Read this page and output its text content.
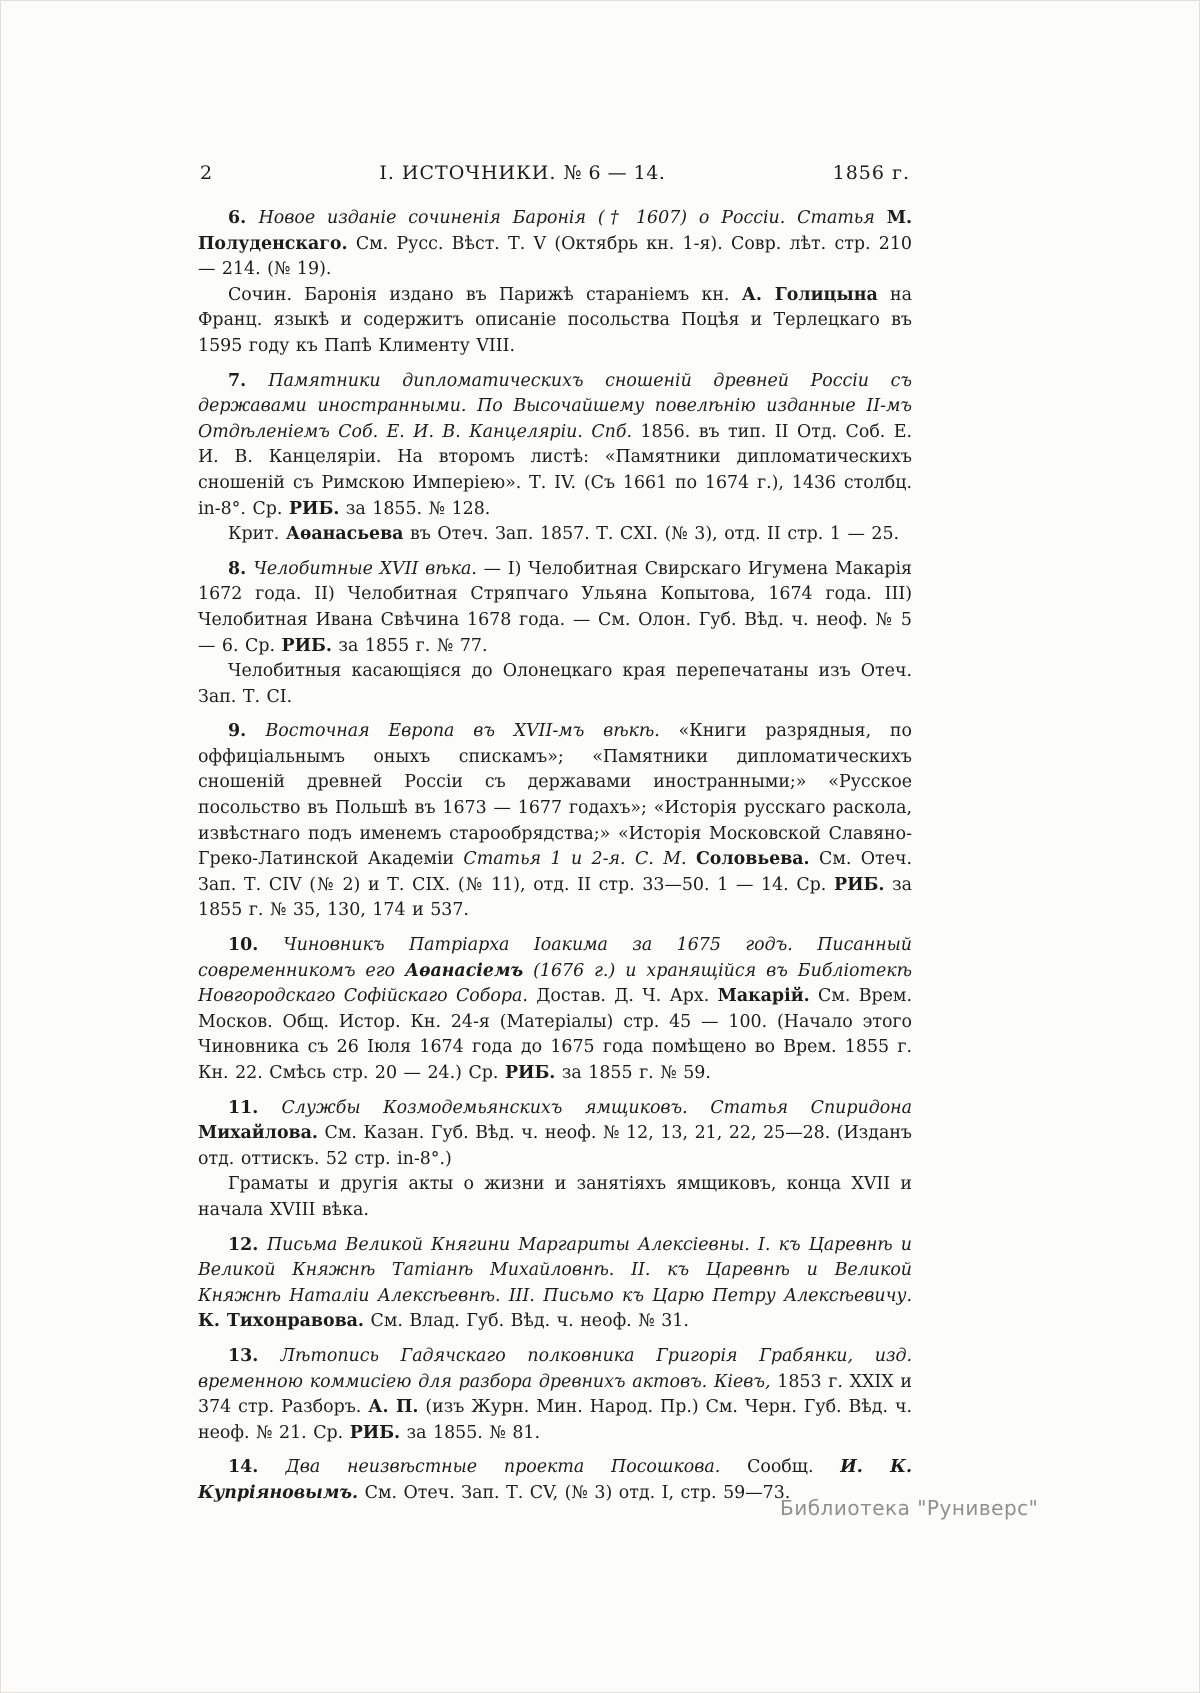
2	І. ИСТОЧНИКИ. № 6 — 14.	1856 г.

6. Новое изданіе сочиненія Баронія († 1607) о Россіи. Статья М. Полуденскаго. См. Русс. Вѣст. Т. V (Октябрь кн. 1-я). Совр. лѣт. стр. 210 — 214. (№ 19).

Сочин. Баронія издано въ Парижѣ стараніемъ кн. А. Голицына на Франц. языкѣ и содержитъ описаніе посольства Поцѣя и Терлецкаго въ 1595 году къ Папѣ Клименту VIII.

7. Памятники дипломатическихъ сношеній древней Россіи съ державами иностранными. По Высочайшему повелѣнію изданные ІІ-мъ Отдѣленіемъ Соб. Е. И. В. Канцеляріи. Спб. 1856. въ тип. ІІ Отд. Соб. Е. И. В. Канцеляріи. На второмъ листѣ: «Памятники дипломатическихъ сношеній съ Римскою Имперіею». Т. IV. (Съ 1661 по 1674 г.), 1436 столбц. in-8°. Ср. РИБ. за 1855. № 128.

Крит. Аѳанасьева въ Отеч. Зап. 1857. Т. CXI. (№ 3), отд. II стр. 1 — 25.

8. Челобитные XVII вѣка. — I) Челобитная Свирскаго Игумена Макарія 1672 года. II) Челобитная Стряпчаго Ульяна Копытова, 1674 года. III) Челобитная Ивана Свѣчина 1678 года. — См. Олон. Губ. Вѣд. ч. неоф. № 5 — 6. Ср. РИБ. за 1855 г. № 77.

Челобитныя касающіяся до Олонецкаго края перепечатаны изъ Отеч. Зап. Т. CI.

9. Восточная Европа въ XVII-мъ вѣкѣ. «Книги разрядныя, по оффиціальнымъ оныхъ спискамъ»; «Памятники дипломатическихъ сношеній древней Россіи съ державами иностранными;» «Русское посольство въ Польшѣ въ 1673 — 1677 годахъ»; «Исторія русскаго раскола, извѣстнаго подъ именемъ старообрядства;» «Исторія Московской Славяно-Греко-Латинской Академіи Статья 1 и 2-я. С. М. Соловьева. См. Отеч. Зап. Т. CIV (№ 2) и Т. CIX. (№ 11), отд. II стр. 33—50. 1 — 14. Ср. РИБ. за 1855 г. № 35, 130, 174 и 537.

10. Чиновникъ Патріарха Іоакима за 1675 годъ. Писанный современникомъ его Аѳанасіемъ (1676 г.) и хранящійся въ Библіотекѣ Новгородскаго Софійскаго Собора. Достав. Д. Ч. Арх. Макарій. См. Врем. Москов. Общ. Истор. Кн. 24-я (Матеріалы) стр. 45 — 100. (Начало этого Чиновника съ 26 Іюля 1674 года до 1675 года помѣщено во Врем. 1855 г. Кн. 22. Смѣсь стр. 20 — 24.) Ср. РИБ. за 1855 г. № 59.

11. Службы Козмодемьянскихъ ямщиковъ. Статья Спиридона Михайлова. См. Казан. Губ. Вѣд. ч. неоф. № 12, 13, 21, 22, 25—28. (Изданъ отд. оттискъ. 52 стр. in-8°.)

Граматы и другія акты о жизни и занятіяхъ ямщиковъ, конца XVII и начала XVIII вѣка.

12. Письма Великой Княгини Маргариты Алексіевны. I. къ Царевнѣ и Великой Княжнѣ Татіанѣ Михайловнѣ. II. къ Царевнѣ и Великой Княжнѣ Наталіи Алексѣевнѣ. III. Письмо къ Царю Петру Алексѣевичу. К. Тихонравова. См. Влад. Губ. Вѣд. ч. неоф. № 31.

13. Лѣтопись Гадячскаго полковника Григорія Грабянки, изд. временною коммисіею для разбора древнихъ актовъ. Кіевъ, 1853 г. XXIX и 374 стр. Разборъ. А. П. (изъ Журн. Мин. Народ. Пр.) См. Черн. Губ. Вѣд. ч. неоф. № 21. Ср. РИБ. за 1855. № 81.

14. Два неизвѣстные проекта Посошкова. Сообщ. И. К. Купріяновымъ. См. Отеч. Зап. Т. CV, (№ 3) отд. I, стр. 59—73.

Библиотека "Руниверс"
